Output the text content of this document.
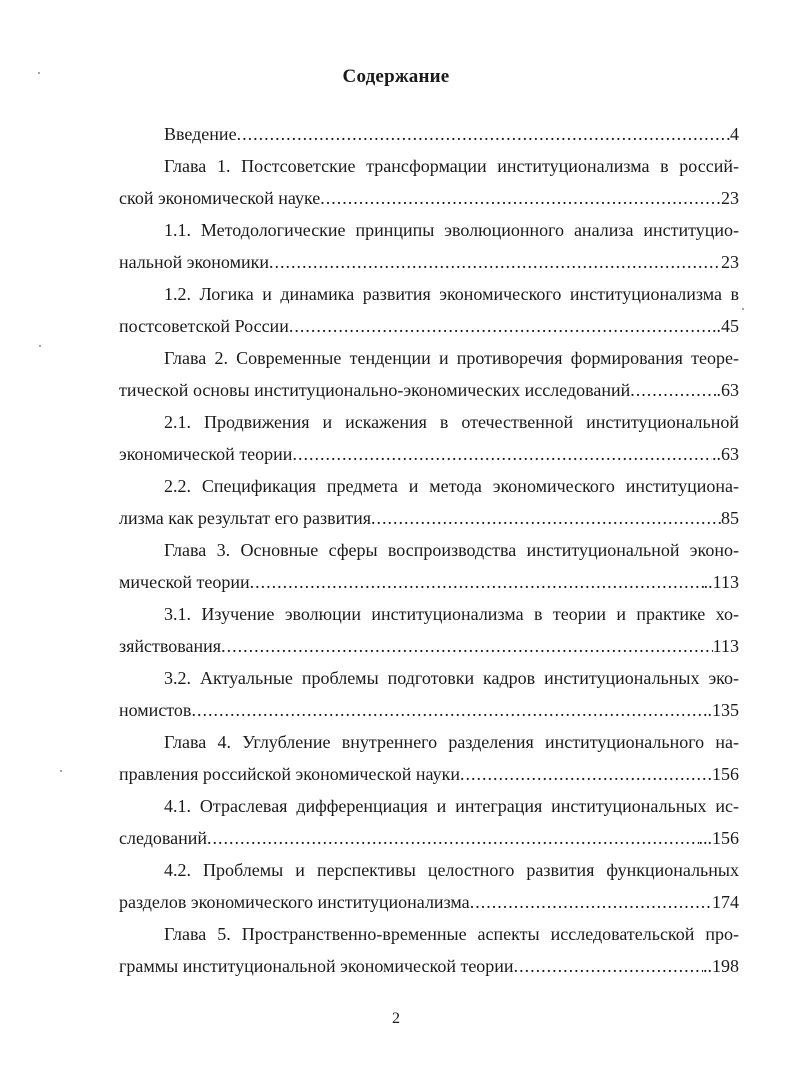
Содержание
Введение .....	4
Глава 1. Постсоветские трансформации институционализма в россий-
ской экономической науке .....	23
1.1. Методологические принципы эволюционного анализа институцио-
нальной экономики .....	23
1.2. Логика и динамика развития экономического институционализма в
постсоветской России .....	..45
Глава 2. Современные тенденции и противоречия формирования теоре-
тической основы институционально-экономических исследований .....	.63
2.1. Продвижения и искажения в отечественной институциональной
экономической теории .....	..63
2.2. Спецификация предмета и метода экономического институциона-
лизма как результат его развития .....	85
Глава 3. Основные сферы воспроизводства институциональной эконо-
мической теории .....	..113
3.1. Изучение эволюции институционализма в теории и практике хо-
зяйствования .....	113
3.2. Актуальные проблемы подготовки кадров институциональных эко-
номистов .....	..135
Глава 4. Углубление внутреннего разделения институционального на-
правления российской экономической науки .....	156
4.1. Отраслевая дифференциация и интеграция институциональных ис-
следований .....	...156
4.2. Проблемы и перспективы целостного развития функциональных
разделов экономического институционализма .....	174
Глава 5. Пространственно-временные аспекты исследовательской про-
граммы институциональной экономической теории .....	..198
2
